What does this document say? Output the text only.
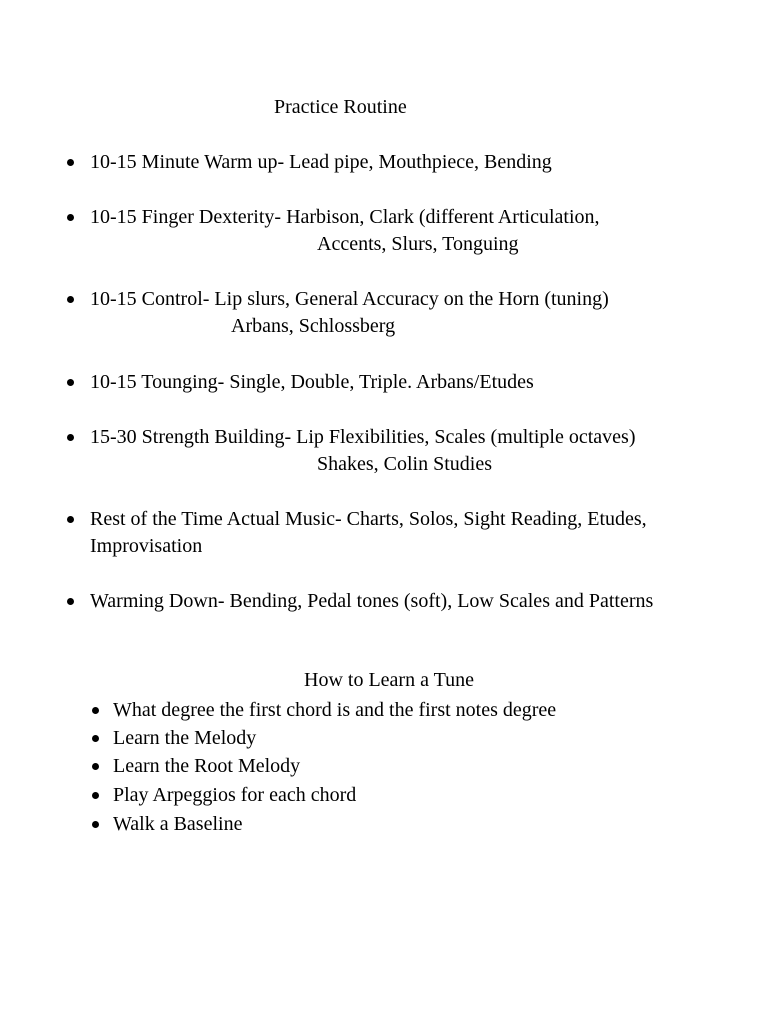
Practice Routine
10-15 Minute Warm up- Lead pipe, Mouthpiece, Bending
10-15 Finger Dexterity- Harbison, Clark (different Articulation,
Accents, Slurs, Tonguing
10-15 Control- Lip slurs, General Accuracy on the Horn (tuning)
Arbans, Schlossberg
10-15 Tounging- Single, Double, Triple. Arbans/Etudes
15-30 Strength Building- Lip Flexibilities, Scales (multiple octaves)
Shakes, Colin Studies
Rest of the Time Actual Music- Charts, Solos, Sight Reading, Etudes,
Improvisation
Warming Down- Bending, Pedal tones (soft), Low Scales and Patterns
How to Learn a Tune
What degree the first chord is and the first notes degree
Learn the Melody
Learn the Root Melody
Play Arpeggios for each chord
Walk a Baseline
